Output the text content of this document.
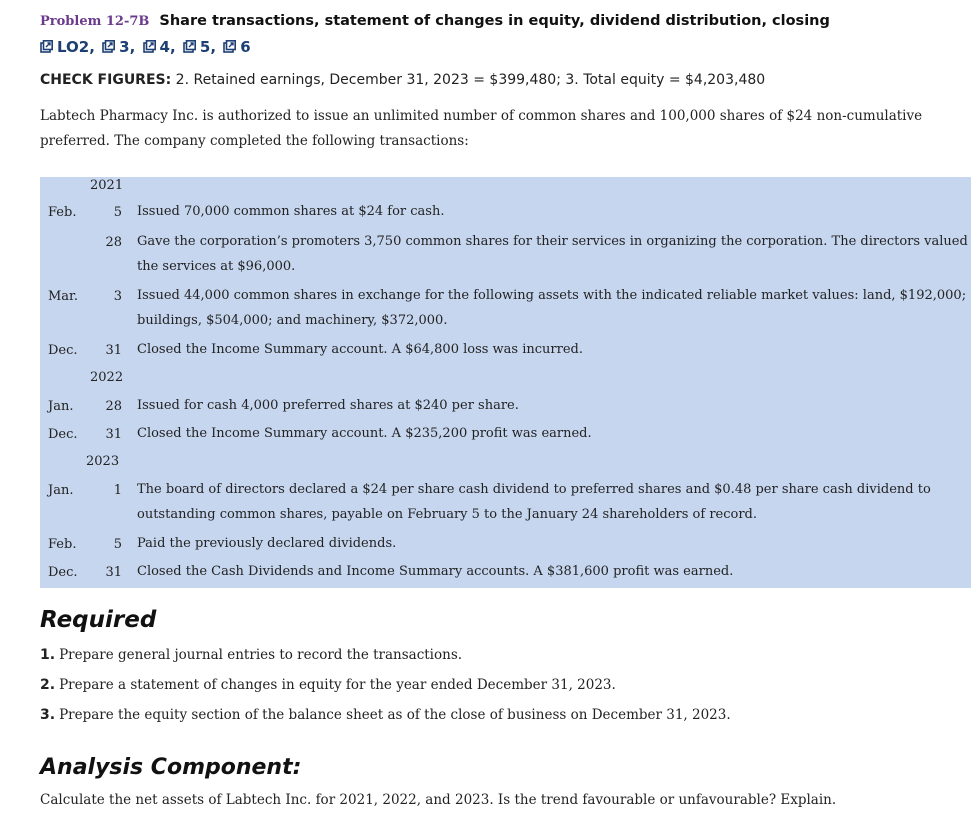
Problem 12-7B Share transactions, statement of changes in equity, dividend distribution, closing
LO2, 3, 4, 5, 6
CHECK FIGURES: 2. Retained earnings, December 31, 2023 = $399,480; 3. Total equity = $4,203,480
Labtech Pharmacy Inc. is authorized to issue an unlimited number of common shares and 100,000 shares of $24 non-cumulative preferred. The company completed the following transactions:
2021
Feb.	5 Issued 70,000 common shares at $24 for cash.
28 Gave the corporation’s promoters 3,750 common shares for their services in organizing the corporation. The directors valued the services at $96,000.
Mar.	3 Issued 44,000 common shares in exchange for the following assets with the indicated reliable market values: land, $192,000; buildings, $504,000; and machinery, $372,000.
Dec. 31 Closed the Income Summary account. A $64,800 loss was incurred.
2022
Jan. 28 Issued for cash 4,000 preferred shares at $240 per share.
Dec. 31 Closed the Income Summary account. A $235,200 profit was earned.
2023
Jan.	1 The board of directors declared a $24 per share cash dividend to preferred shares and $0.48 per share cash dividend to outstanding common shares, payable on February 5 to the January 24 shareholders of record.
Feb.	5 Paid the previously declared dividends.
Dec. 31 Closed the Cash Dividends and Income Summary accounts. A $381,600 profit was earned.
Required
1. Prepare general journal entries to record the transactions.
2. Prepare a statement of changes in equity for the year ended December 31, 2023.
3. Prepare the equity section of the balance sheet as of the close of business on December 31, 2023.
Analysis Component:
Calculate the net assets of Labtech Inc. for 2021, 2022, and 2023. Is the trend favourable or unfavourable? Explain.
